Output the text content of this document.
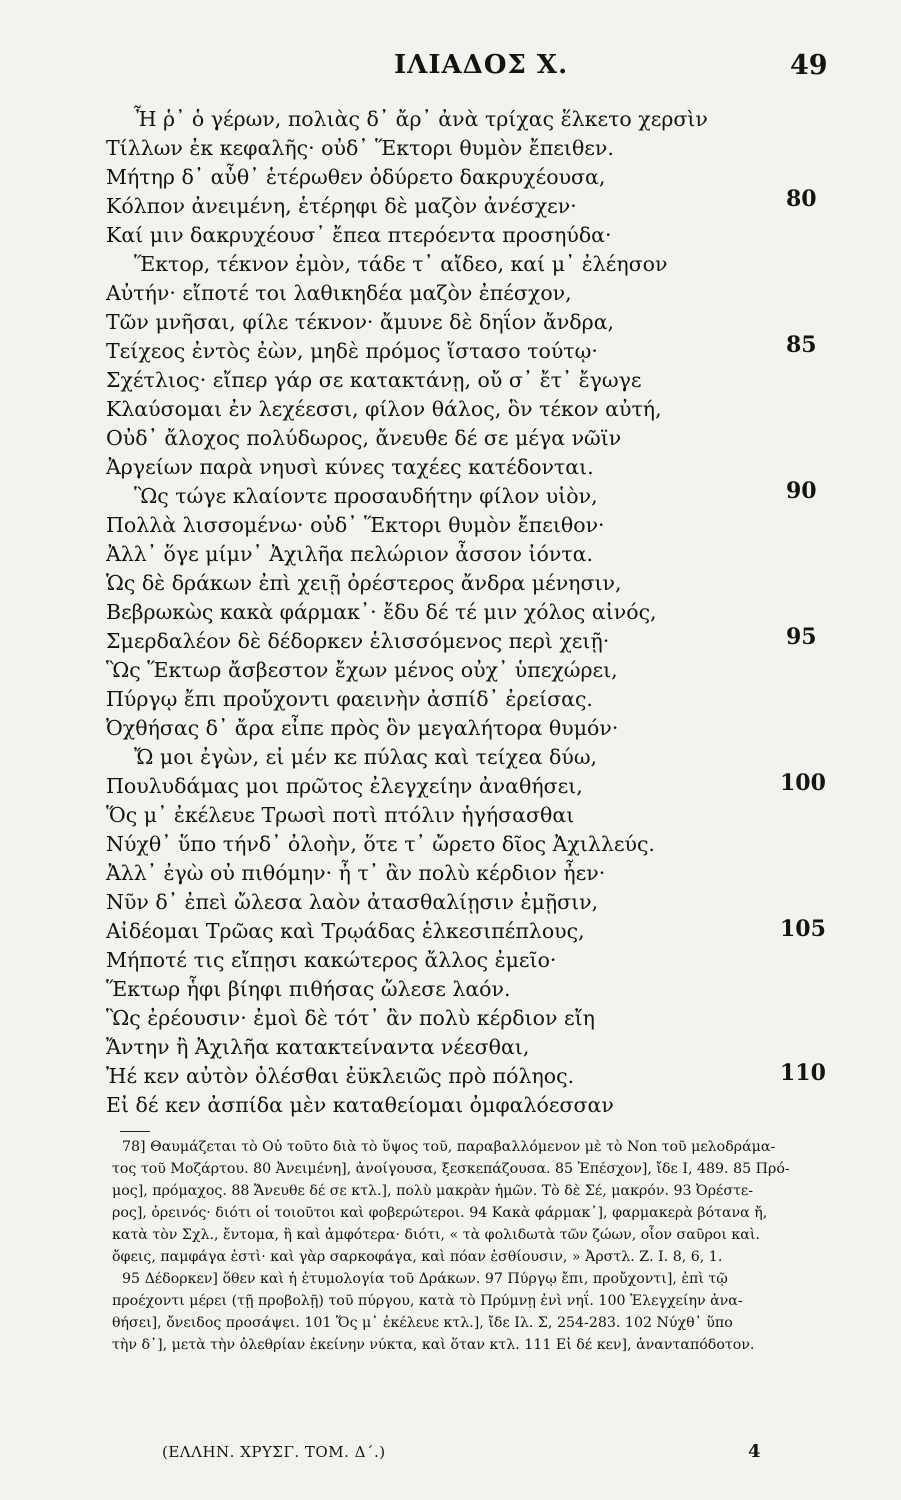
ΙΛΙΑΔΟΣ Χ.	49
Ἦ ῥ᾽ ὁ γέρων, πολιὰς δ᾽ ἄρ᾽ ἀνὰ τρίχας ἕλκετο χερσὶν
Τίλλων ἐκ κεφαλῆς· οὐδ᾽ Ἕκτορι θυμὸν ἔπειθεν.
Μήτηρ δ᾽ αὖθ᾽ ἑτέρωθεν ὀδύρετο δακρυχέουσα,
Κόλπον ἀνειμένη, ἑτέρηφι δὲ μαζὸν ἀνέσχεν·
Καί μιν δακρυχέουσ᾽ ἔπεα πτερόεντα προσηύδα·
Ἕκτορ, τέκνον ἐμὸν, τάδε τ᾽ αἴδεο, καί μ᾽ ἐλέησον
Αὐτήν· εἴποτέ τοι λαθικηδέα μαζὸν ἐπέσχον,
Τῶν μνῆσαι, φίλε τέκνον· ἄμυνε δὲ δηΐον ἄνδρα,
Τείχεος ἐντὸς ἐὼν, μηδὲ πρόμος ἵστασο τούτῳ·
Σχέτλιος· εἴπερ γάρ σε κατακτάνῃ, οὔ σ᾽ ἔτ᾽ ἔγωγε
Κλαύσομαι ἐν λεχέεσσι, φίλον θάλος, ὃν τέκον αὐτή,
Οὐδ᾽ ἄλοχος πολύδωρος, ἄνευθε δέ σε μέγα νῶϊν
Ἀργείων παρὰ νηυσὶ κύνες ταχέες κατέδονται.
Ὣς τώγε κλαίοντε προσαυδήτην φίλον υἱὸν,
Πολλὰ λισσομένω· οὐδ᾽ Ἕκτορι θυμὸν ἔπειθον·
Ἀλλ᾽ ὅγε μίμν᾽ Ἀχιλῆα πελώριον ἆσσον ἰόντα.
Ὡς δὲ δράκων ἐπὶ χειῇ ὀρέστερος ἄνδρα μένησιν,
Βεβρωκὼς κακὰ φάρμακ᾽· ἔδυ δέ τέ μιν χόλος αἰνός,
Σμερδαλέον δὲ δέδορκεν ἑλισσόμενος περὶ χειῇ·
Ὣς Ἕκτωρ ἄσβεστον ἔχων μένος οὐχ᾽ ὑπεχώρει,
Πύργῳ ἔπι προὔχοντι φαεινὴν ἀσπίδ᾽ ἐρείσας.
Ὀχθήσας δ᾽ ἄρα εἶπε πρὸς ὃν μεγαλήτορα θυμόν·
Ὤ μοι ἐγὼν, εἰ μέν κε πύλας καὶ τείχεα δύω,
Πουλυδάμας μοι πρῶτος ἐλεγχείην ἀναθήσει,
Ὅς μ᾽ ἐκέλευε Τρωσὶ ποτὶ πτόλιν ἡγήσασθαι
Νύχθ᾽ ὕπο τήνδ᾽ ὀλοὴν, ὅτε τ᾽ ὤρετο δῖος Ἀχιλλεύς.
Ἀλλ᾽ ἐγὼ οὐ πιθόμην· ἦ τ᾽ ἂν πολὺ κέρδιον ἦεν·
Νῦν δ᾽ ἐπεὶ ὤλεσα λαὸν ἀτασθαλίῃσιν ἐμῇσιν,
Αἰδέομαι Τρῶας καὶ Τρῳάδας ἑλκεσιπέπλους,
Μήποτέ τις εἴπῃσι κακώτερος ἄλλος ἐμεῖο·
Ἕκτωρ ἧφι βίηφι πιθήσας ὤλεσε λαόν.
Ὣς ἐρέουσιν· ἐμοὶ δὲ τότ᾽ ἂν πολὺ κέρδιον εἴη
Ἄντην ἢ Ἀχιλῆα κατακτείναντα νέεσθαι,
Ἠέ κεν αὐτὸν ὀλέσθαι ἐϋκλειῶς πρὸ πόληος.
Εἰ δέ κεν ἀσπίδα μὲν καταθείομαι ὀμφαλόεσσαν
80
85
90
95
100
105
110
78] Θαυμάζεται τὸ Οὐ τοῦτο διὰ τὸ ὕψος τοῦ, παραβαλλόμενον μὲ τὸ Non τοῦ μελοδράμα-
τος τοῦ Μοζάρτου. 80 Ἀνειμένη], ἀνοίγουσα, ξεσκεπάζουσα. 85 Ἐπέσχον], ἴδε Ι, 489. 85 Πρό-
μος], πρόμαχος. 88 Ἄνευθε δέ σε κτλ.], πολὺ μακρὰν ἡμῶν. Τὸ δὲ Σέ, μακρόν. 93 Ὀρέστε-
ρος], ὀρεινός· διότι οἱ τοιοῦτοι καὶ φοβερώτεροι. 94 Κακὰ φάρμακ᾽], φαρμακερὰ βότανα ἤ,
κατὰ τὸν Σχλ., ἔντομα, ἢ καὶ ἀμφότερα· διότι, « τὰ φολιδωτὰ τῶν ζώων, οἷον σαῦροι καὶ.
ὄφεις, παμφάγα ἐστὶ· καὶ γὰρ σαρκοφάγα, καὶ πόαν ἐσθίουσιν, » Ἀρστλ. Ζ. Ι. 8, 6, 1.
95 Δέδορκεν] ὅθεν καὶ ἡ ἐτυμολογία τοῦ Δράκων. 97 Πύργῳ ἔπι, προὔχοντι], ἐπὶ τῷ
προέχοντι μέρει (τῇ προβολῇ) τοῦ πύργου, κατὰ τὸ Πρύμνῃ ἐνὶ νηΐ. 100 Ἐλεγχείην ἀνα-
θήσει], ὄνειδος προσάψει. 101 Ὅς μ᾽ ἐκέλευε κτλ.], ἴδε Ιλ. Σ, 254-283. 102 Νύχθ᾽ ὕπο
τὴν δ᾽], μετὰ τὴν ὀλεθρίαν ἐκείνην νύκτα, καὶ ὅταν κτλ. 111 Εἰ δέ κεν], ἀνανταπόδοτον.
(ΕΛΛΗΝ. ΧΡΥΣΓ. ΤΟΜ. Δ΄.)	4
